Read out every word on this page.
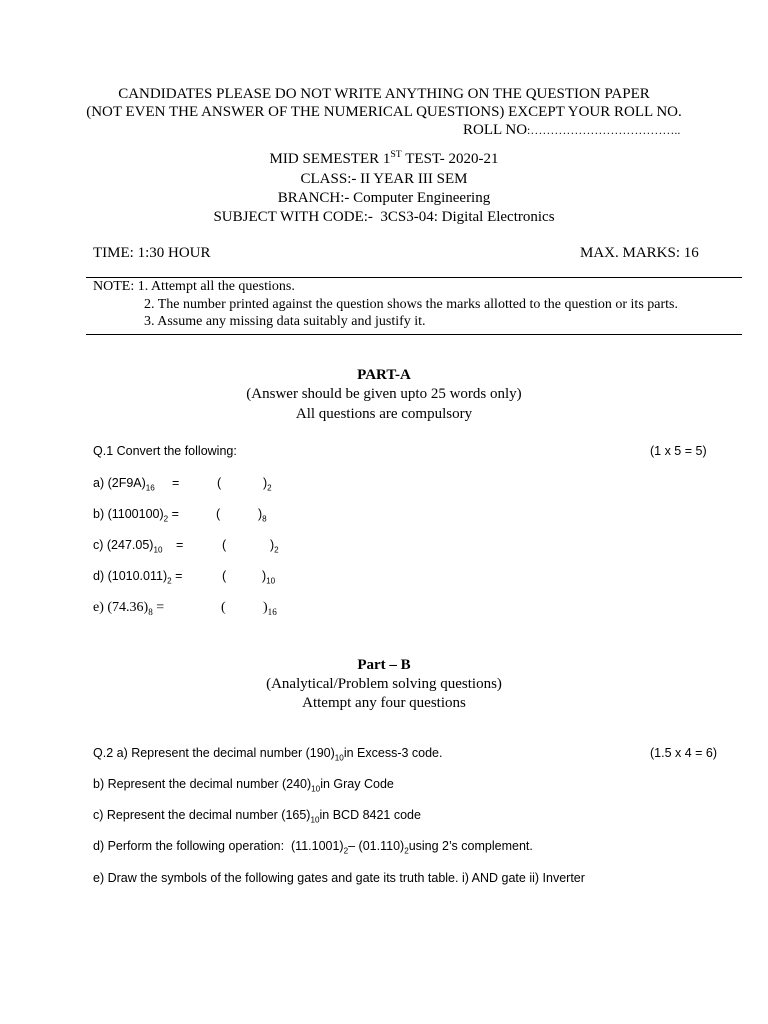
CANDIDATES PLEASE DO NOT WRITE ANYTHING ON THE QUESTION PAPER
(NOT EVEN THE ANSWER OF THE NUMERICAL QUESTIONS) EXCEPT YOUR ROLL NO.
ROLL NO:………………………………..
MID SEMESTER 1ST TEST- 2020-21
CLASS:- II YEAR III SEM
BRANCH:- Computer Engineering
SUBJECT WITH CODE:-  3CS3-04: Digital Electronics
TIME: 1:30 HOUR	MAX. MARKS: 16
NOTE: 1. Attempt all the questions.
2. The number printed against the question shows the marks allotted to the question or its parts.
3. Assume any missing data suitably and justify it.
PART-A
(Answer should be given upto 25 words only)
All questions are compulsory
Q.1 Convert the following:	(1 x 5 = 5)
a) $(2F9A)_{16}$ =	(	)$_2$
b) $(1100100)_2$ =	(	)$_8$
c) $(247.05)_{10}$ =	(	)$_2$
d) $(1010.011)_2$ =	(	)$_{10}$
e) $(74.36)_8$ =	(	)$_{16}$
Part – B
(Analytical/Problem solving questions)
Attempt any four questions
Q.2 a) Represent the decimal number $(190)_{10}in$ Excess-3 code.	(1.5 x 4 = 6)
b) Represent the decimal number $(240)_{10}in$ Gray Code
c) Represent the decimal number $(165)_{10}in$ BCD 8421 code
d) Perform the following operation:  $(11.1001)_2-$ $(01.110)_2using$ 2’s complement.
e) Draw the symbols of the following gates and gate its truth table. i) AND gate ii) Inverter
